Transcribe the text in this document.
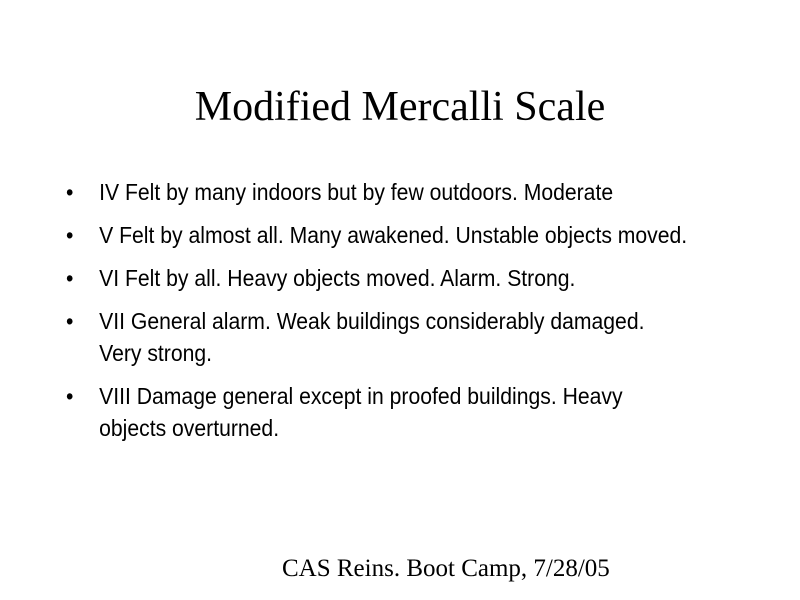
Modified Mercalli Scale
• IV Felt by many indoors but by few outdoors. Moderate
• V Felt by almost all. Many awakened. Unstable objects moved.
• VI Felt by all. Heavy objects moved. Alarm. Strong.
• VII General alarm. Weak buildings considerably damaged. Very strong.
• VIII Damage general except in proofed buildings. Heavy objects overturned.
CAS Reins. Boot Camp, 7/28/05
